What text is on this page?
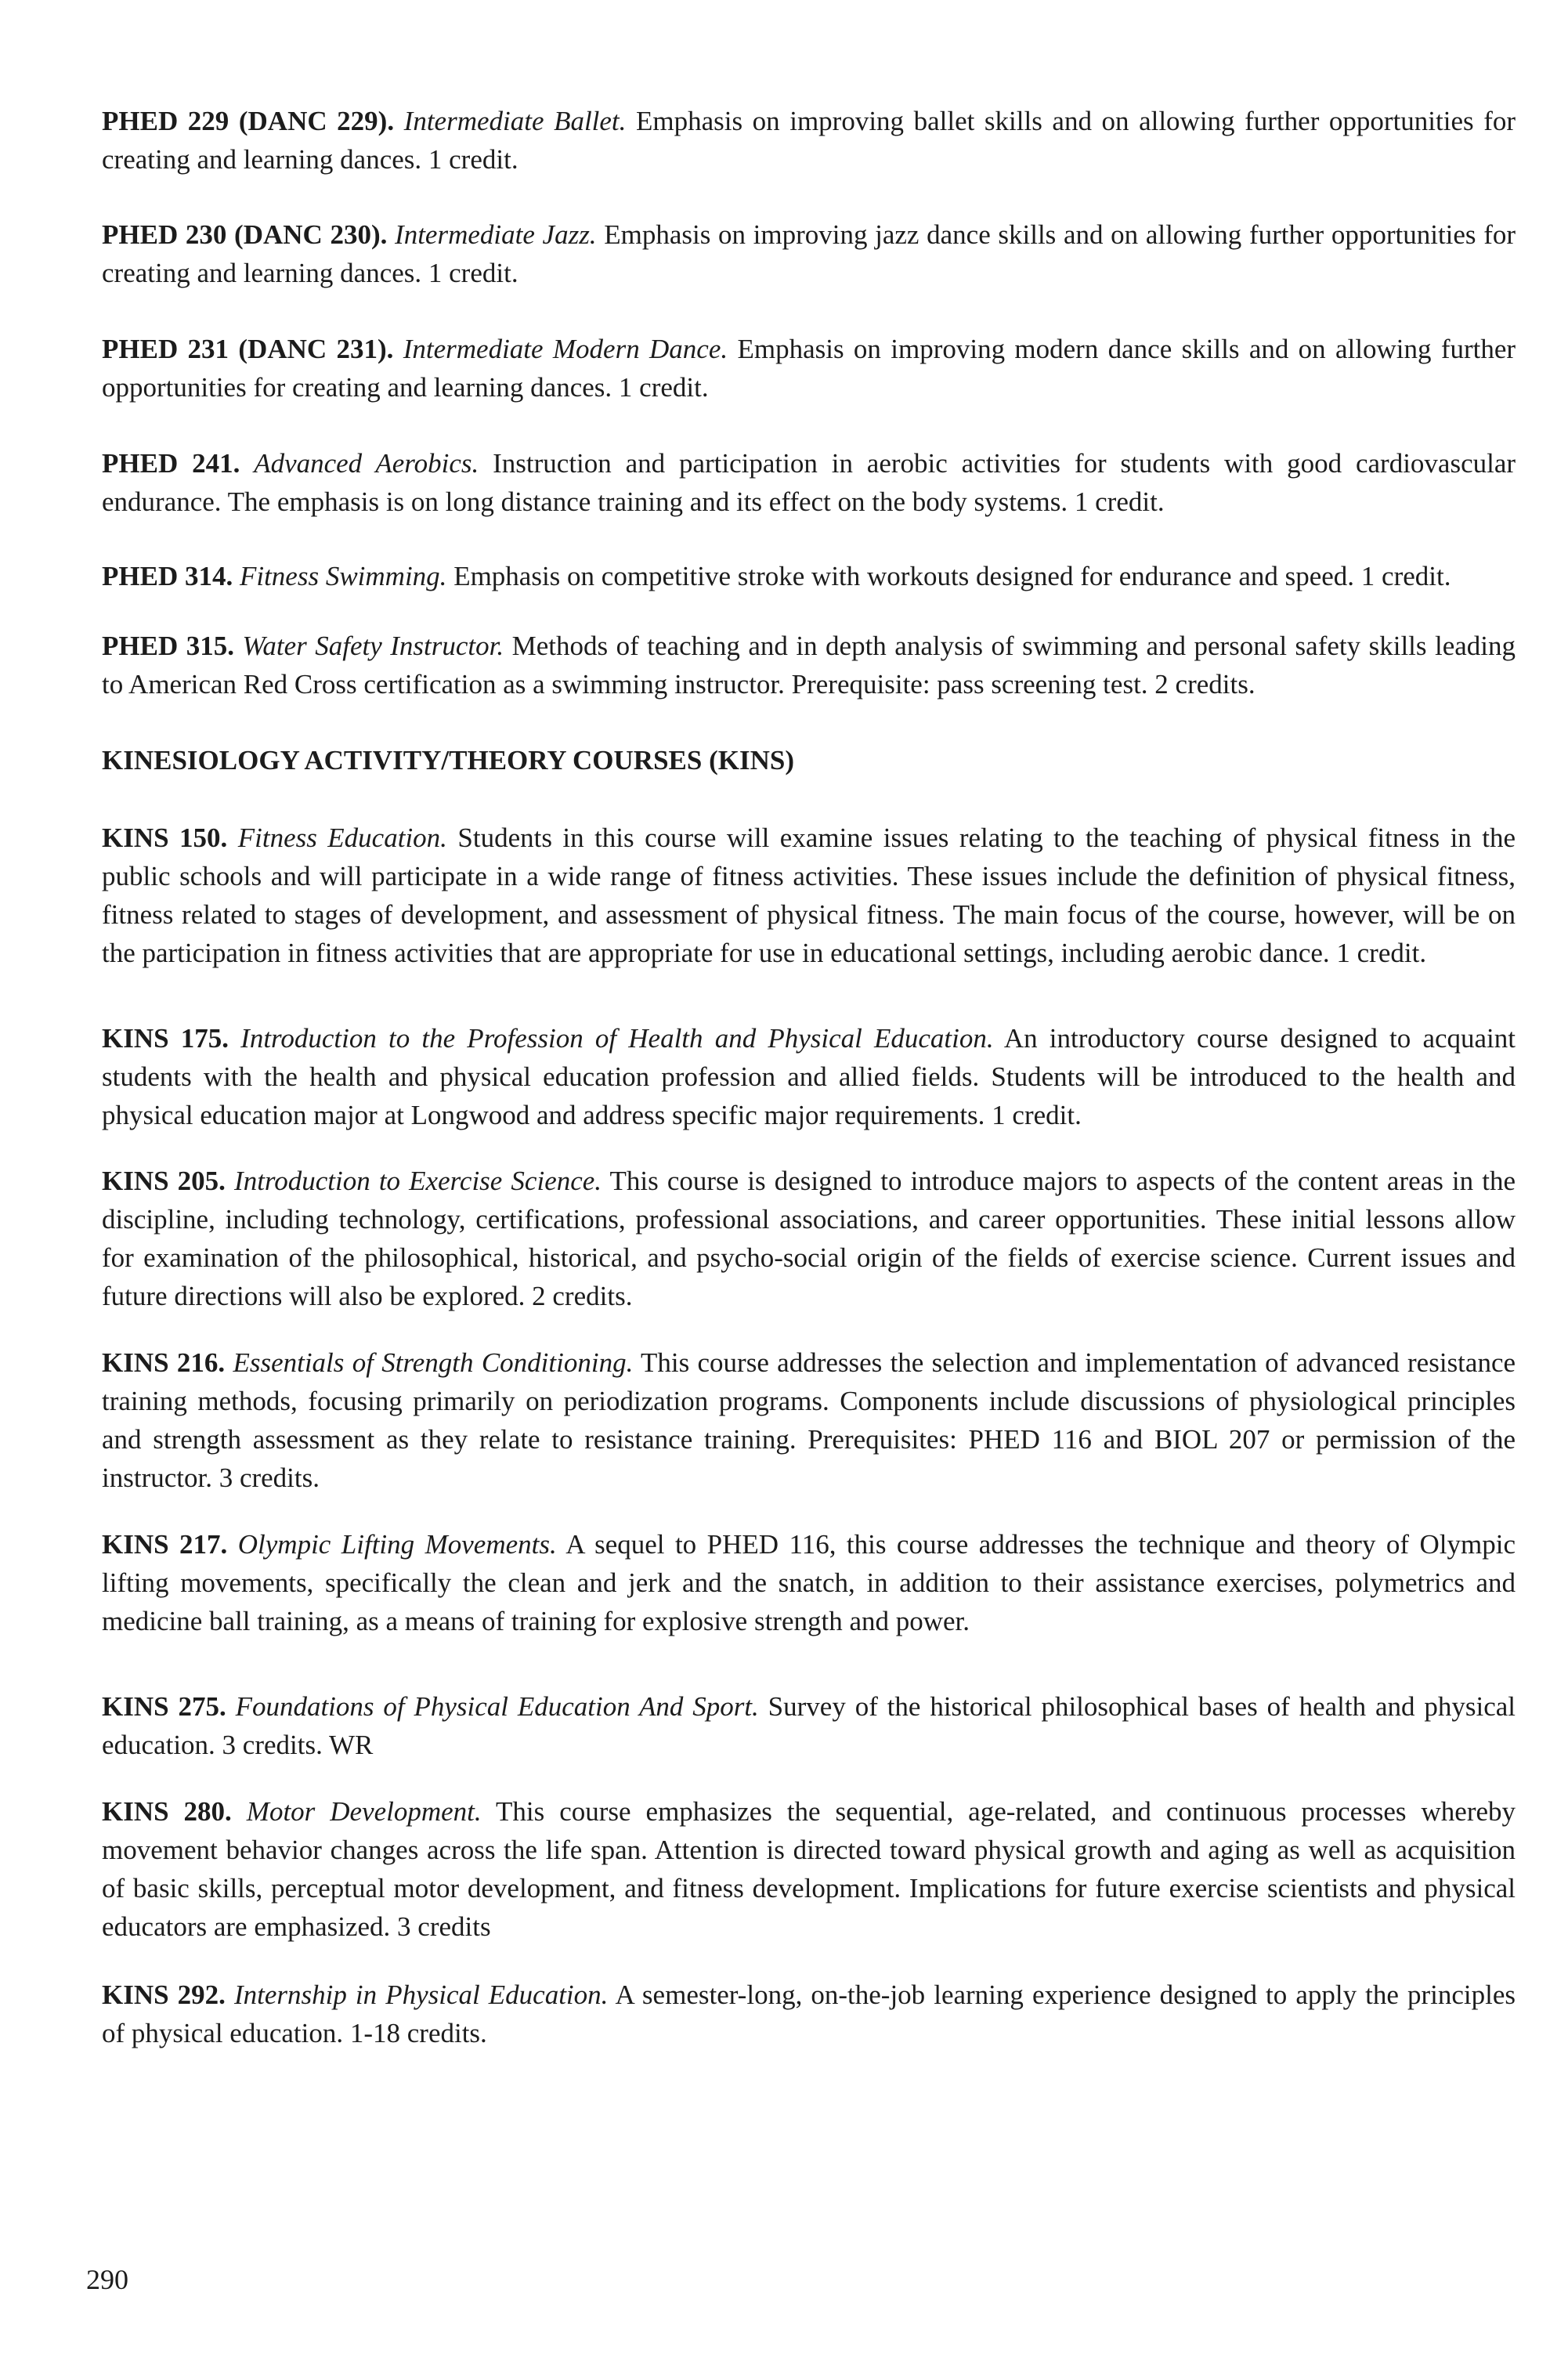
PHED 229 (DANC 229). Intermediate Ballet. Emphasis on improving ballet skills and on allowing further opportunities for creating and learning dances. 1 credit.

PHED 230 (DANC 230). Intermediate Jazz. Emphasis on improving jazz dance skills and on allowing further opportunities for creating and learning dances. 1 credit.

PHED 231 (DANC 231). Intermediate Modern Dance. Emphasis on improving modern dance skills and on allowing further opportunities for creating and learning dances. 1 credit.

PHED 241. Advanced Aerobics. Instruction and participation in aerobic activities for students with good cardiovascular endurance. The emphasis is on long distance training and its effect on the body systems. 1 credit.

PHED 314. Fitness Swimming. Emphasis on competitive stroke with workouts designed for endurance and speed. 1 credit.

PHED 315. Water Safety Instructor. Methods of teaching and in depth analysis of swimming and personal safety skills leading to American Red Cross certification as a swimming instructor. Prerequisite: pass screening test. 2 credits.

KINESIOLOGY ACTIVITY/THEORY COURSES (KINS)

KINS 150. Fitness Education. Students in this course will examine issues relating to the teaching of physical fitness in the public schools and will participate in a wide range of fitness activities. These issues include the definition of physical fitness, fitness related to stages of development, and assessment of physical fitness. The main focus of the course, however, will be on the participation in fitness activities that are appropriate for use in educational settings, including aerobic dance. 1 credit.

KINS 175. Introduction to the Profession of Health and Physical Education. An introductory course designed to acquaint students with the health and physical education profession and allied fields. Students will be introduced to the health and physical education major at Longwood and address specific major requirements. 1 credit.

KINS 205. Introduction to Exercise Science. This course is designed to introduce majors to aspects of the content areas in the discipline, including technology, certifications, professional associations, and career opportunities. These initial lessons allow for examination of the philosophical, historical, and psycho-social origin of the fields of exercise science. Current issues and future directions will also be explored. 2 credits.

KINS 216. Essentials of Strength Conditioning. This course addresses the selection and implementation of advanced resistance training methods, focusing primarily on periodization programs. Components include discussions of physiological principles and strength assessment as they relate to resistance training. Prerequisites: PHED 116 and BIOL 207 or permission of the instructor. 3 credits.

KINS 217. Olympic Lifting Movements. A sequel to PHED 116, this course addresses the technique and theory of Olympic lifting movements, specifically the clean and jerk and the snatch, in addition to their assistance exercises, polymetrics and medicine ball training, as a means of training for explosive strength and power.

KINS 275. Foundations of Physical Education And Sport. Survey of the historical philosophical bases of health and physical education. 3 credits. WR

KINS 280. Motor Development. This course emphasizes the sequential, age-related, and continuous processes whereby movement behavior changes across the life span. Attention is directed toward physical growth and aging as well as acquisition of basic skills, perceptual motor development, and fitness development. Implications for future exercise scientists and physical educators are emphasized. 3 credits

KINS 292. Internship in Physical Education. A semester-long, on-the-job learning experience designed to apply the principles of physical education. 1-18 credits.

290
